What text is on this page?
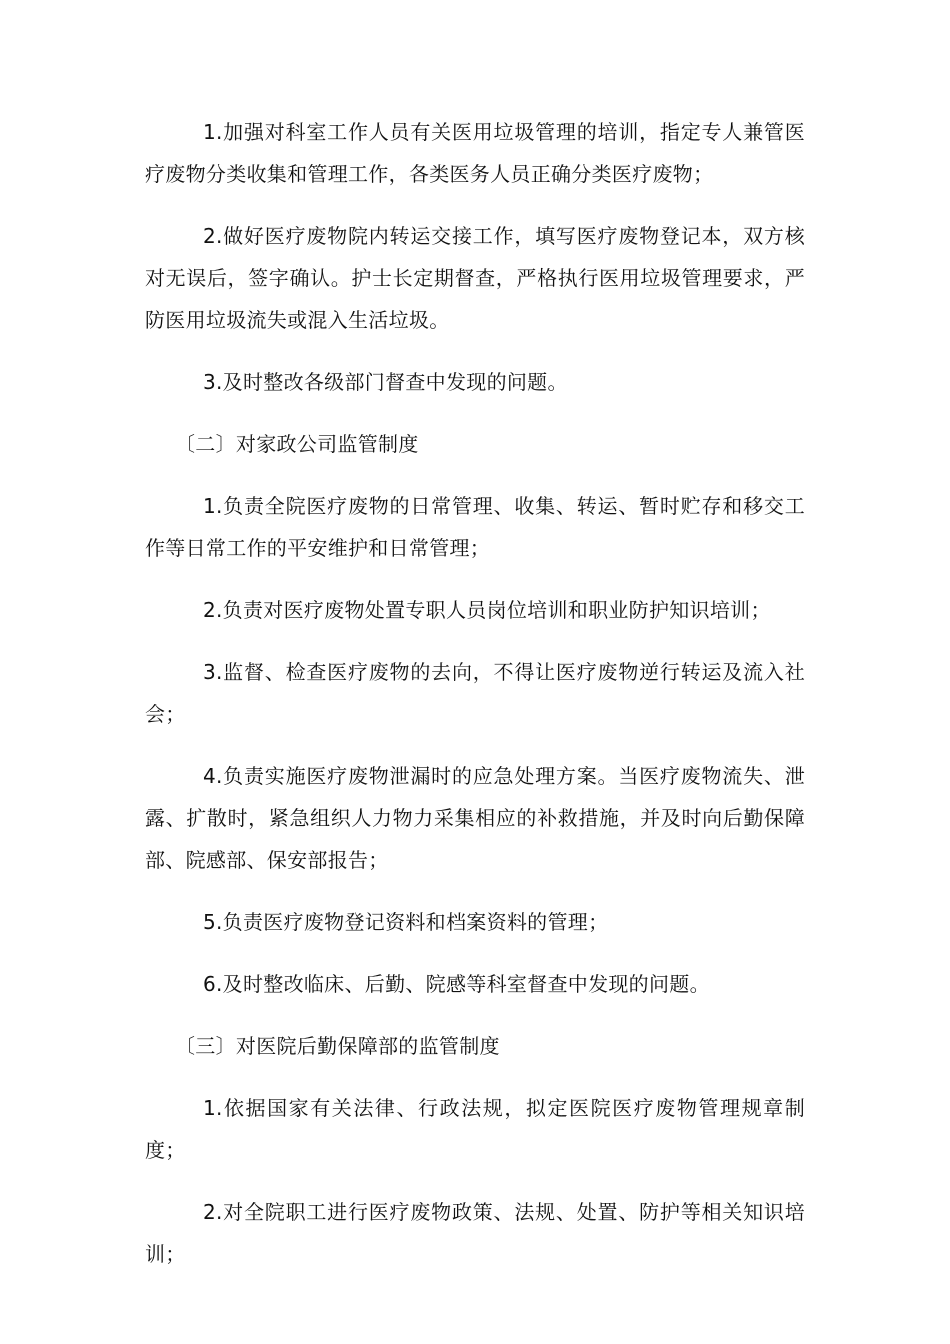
1.加强对科室工作人员有关医用垃圾管理的培训，指定专人兼管医疗废物分类收集和管理工作，各类医务人员正确分类医疗废物；

2.做好医疗废物院内转运交接工作，填写医疗废物登记本，双方核对无误后，签字确认。护士长定期督查，严格执行医用垃圾管理要求，严防医用垃圾流失或混入生活垃圾。

3.及时整改各级部门督查中发现的问题。

〔二〕对家政公司监管制度

1.负责全院医疗废物的日常管理、收集、转运、暂时贮存和移交工作等日常工作的平安维护和日常管理；

2.负责对医疗废物处置专职人员岗位培训和职业防护知识培训；

3.监督、检查医疗废物的去向，不得让医疗废物逆行转运及流入社会；

4.负责实施医疗废物泄漏时的应急处理方案。当医疗废物流失、泄露、扩散时，紧急组织人力物力采集相应的补救措施，并及时向后勤保障部、院感部、保安部报告；

5.负责医疗废物登记资料和档案资料的管理；

6.及时整改临床、后勤、院感等科室督查中发现的问题。

〔三〕对医院后勤保障部的监管制度

1.依据国家有关法律、行政法规，拟定医院医疗废物管理规章制度；

2.对全院职工进行医疗废物政策、法规、处置、防护等相关知识培训；
